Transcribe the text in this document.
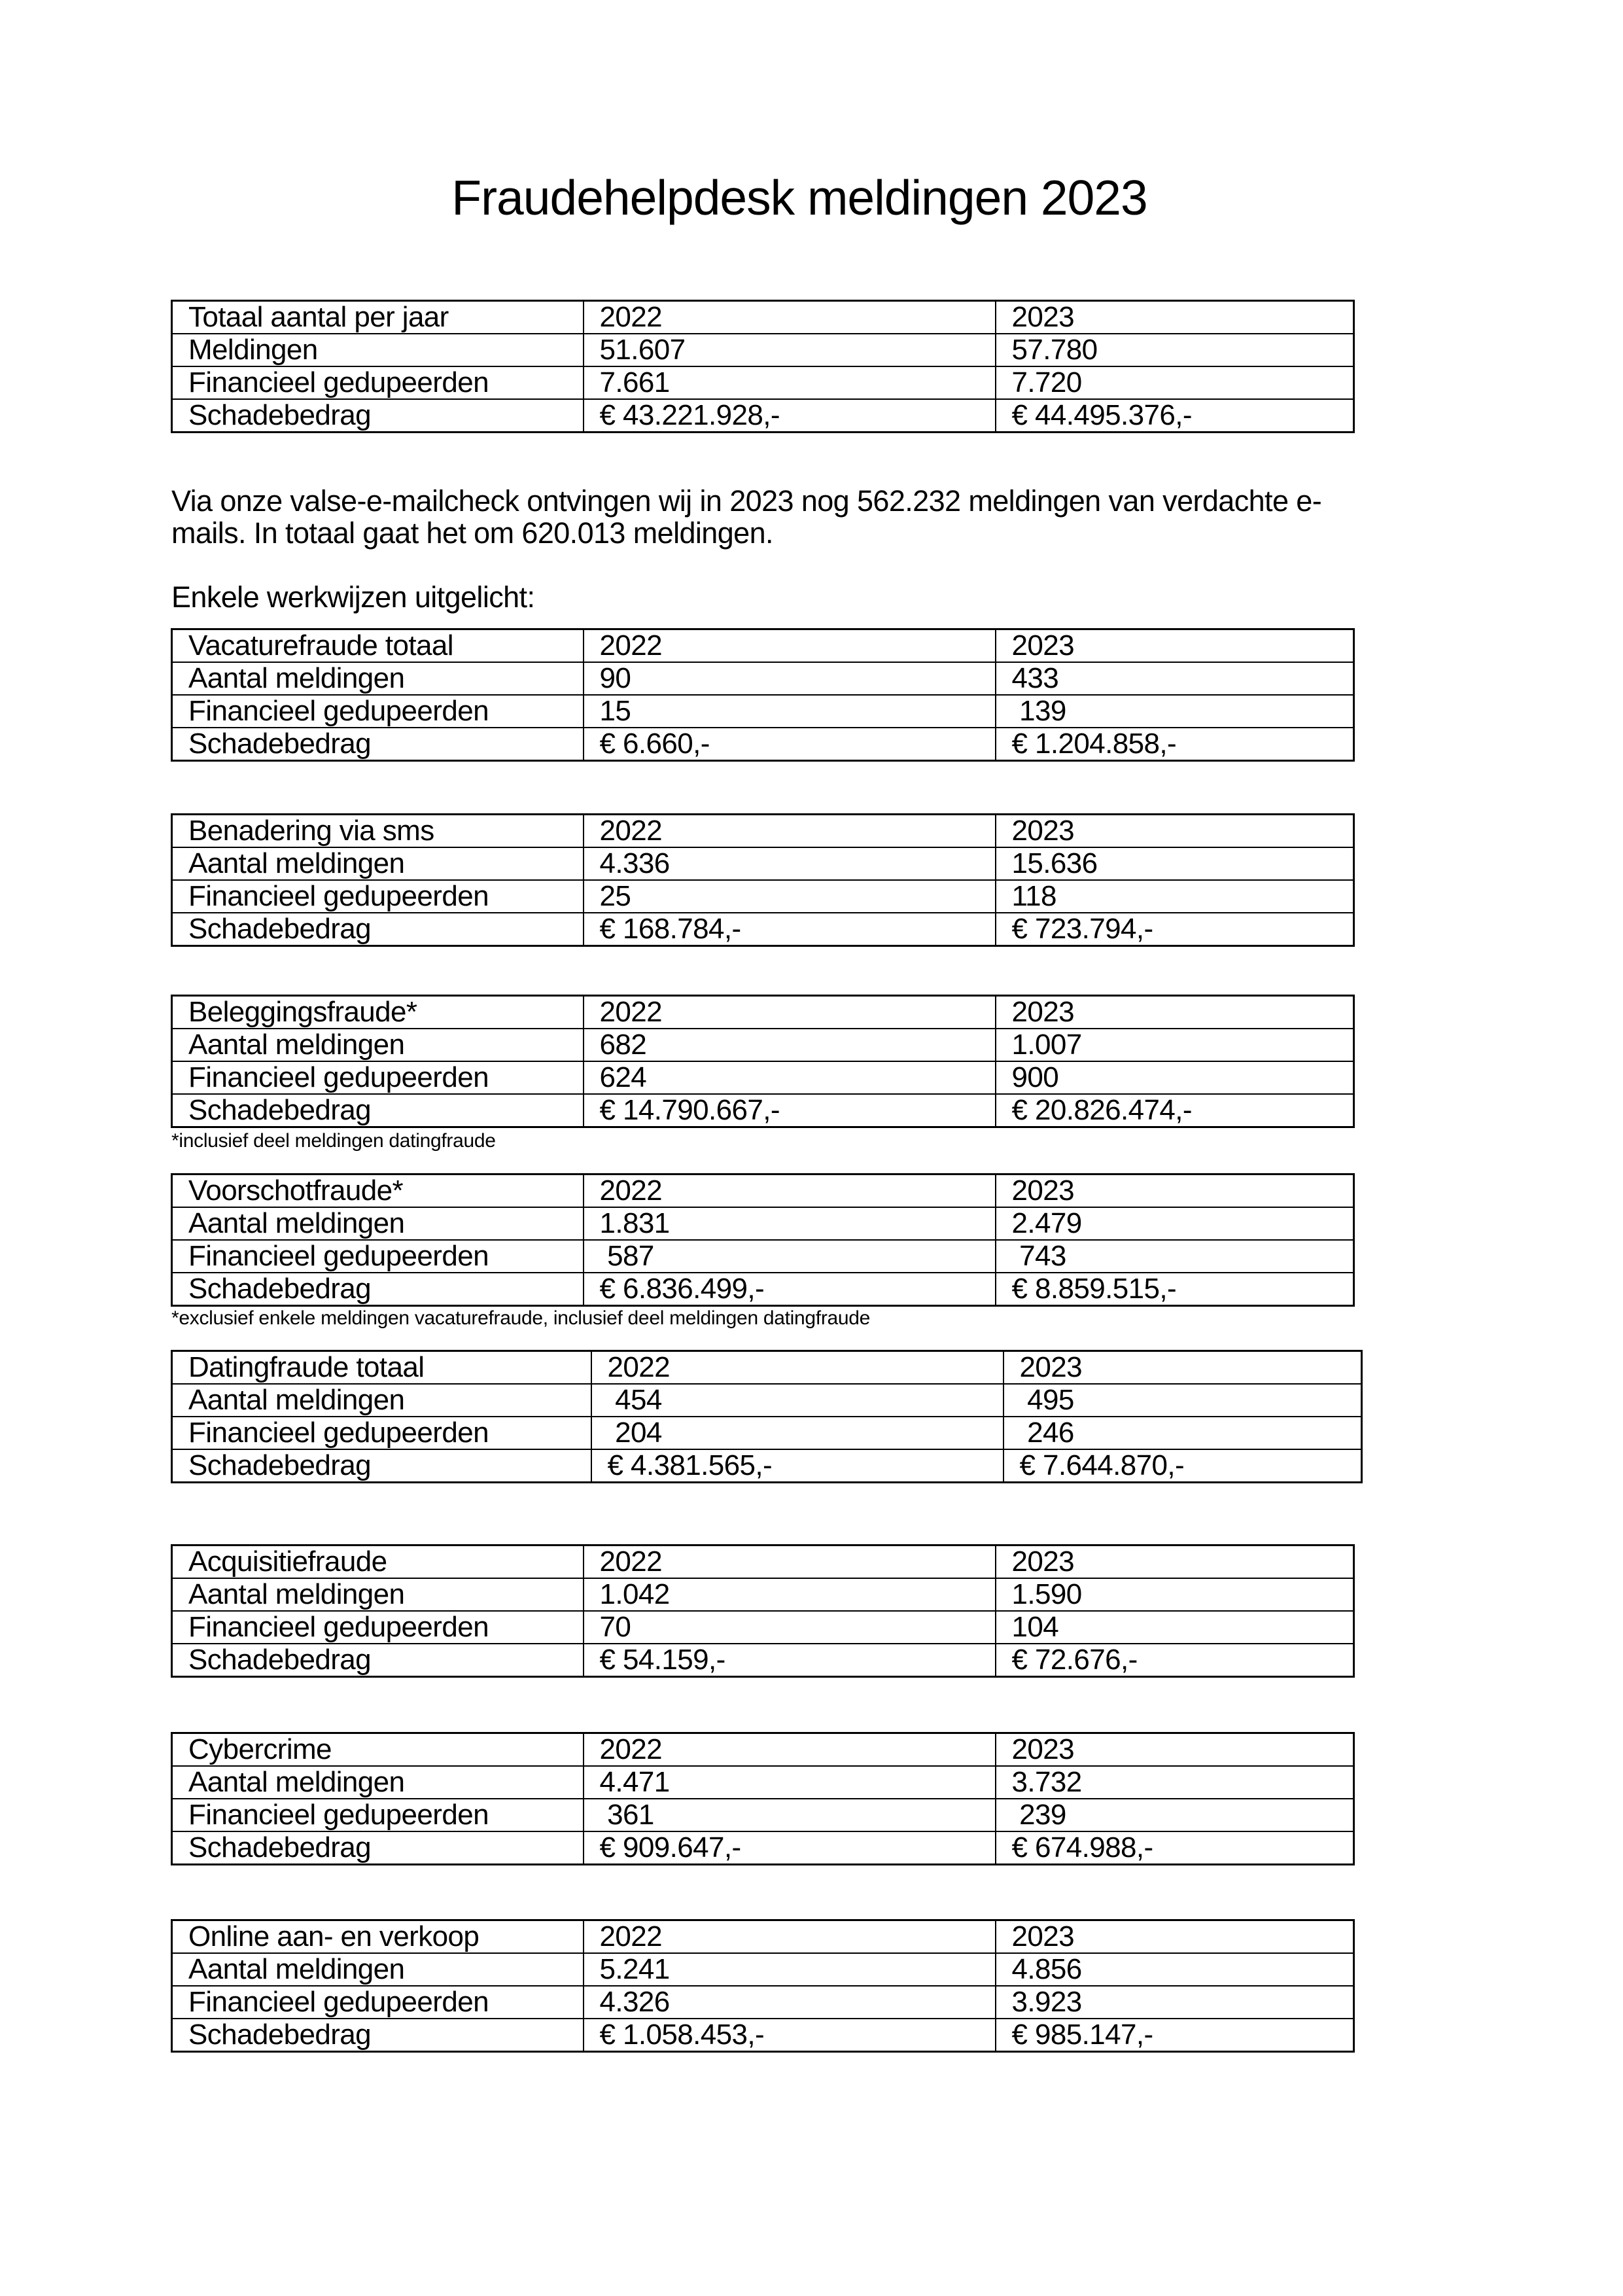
Fraudehelpdesk meldingen 2023
Totaal aantal per jaar	2022	2023
Meldingen	51.607	57.780
Financieel gedupeerden	7.661	7.720
Schadebedrag	€ 43.221.928,-	€ 44.495.376,-
Via onze valse-e-mailcheck ontvingen wij in 2023 nog 562.232 meldingen van verdachte e-
mails. In totaal gaat het om 620.013 meldingen.
Enkele werkwijzen uitgelicht:
Vacaturefraude totaal	2022	2023
Aantal meldingen	90	433
Financieel gedupeerden	15	139
Schadebedrag	€ 6.660,-	€ 1.204.858,-
Benadering via sms	2022	2023
Aantal meldingen	4.336	15.636
Financieel gedupeerden	25	118
Schadebedrag	€ 168.784,-	€ 723.794,-
Beleggingsfraude*	2022	2023
Aantal meldingen	682	1.007
Financieel gedupeerden	624	900
Schadebedrag	€ 14.790.667,-	€ 20.826.474,-
*inclusief deel meldingen datingfraude
Voorschotfraude*	2022	2023
Aantal meldingen	1.831	2.479
Financieel gedupeerden	587	743
Schadebedrag	€ 6.836.499,-	€ 8.859.515,-
*exclusief enkele meldingen vacaturefraude, inclusief deel meldingen datingfraude
Datingfraude totaal	2022	2023
Aantal meldingen	454	495
Financieel gedupeerden	204	246
Schadebedrag	€ 4.381.565,-	€ 7.644.870,-
Acquisitiefraude	2022	2023
Aantal meldingen	1.042	1.590
Financieel gedupeerden	70	104
Schadebedrag	€ 54.159,-	€ 72.676,-
Cybercrime	2022	2023
Aantal meldingen	4.471	3.732
Financieel gedupeerden	361	239
Schadebedrag	€ 909.647,-	€ 674.988,-
Online aan- en verkoop	2022	2023
Aantal meldingen	5.241	4.856
Financieel gedupeerden	4.326	3.923
Schadebedrag	€ 1.058.453,-	€ 985.147,-
